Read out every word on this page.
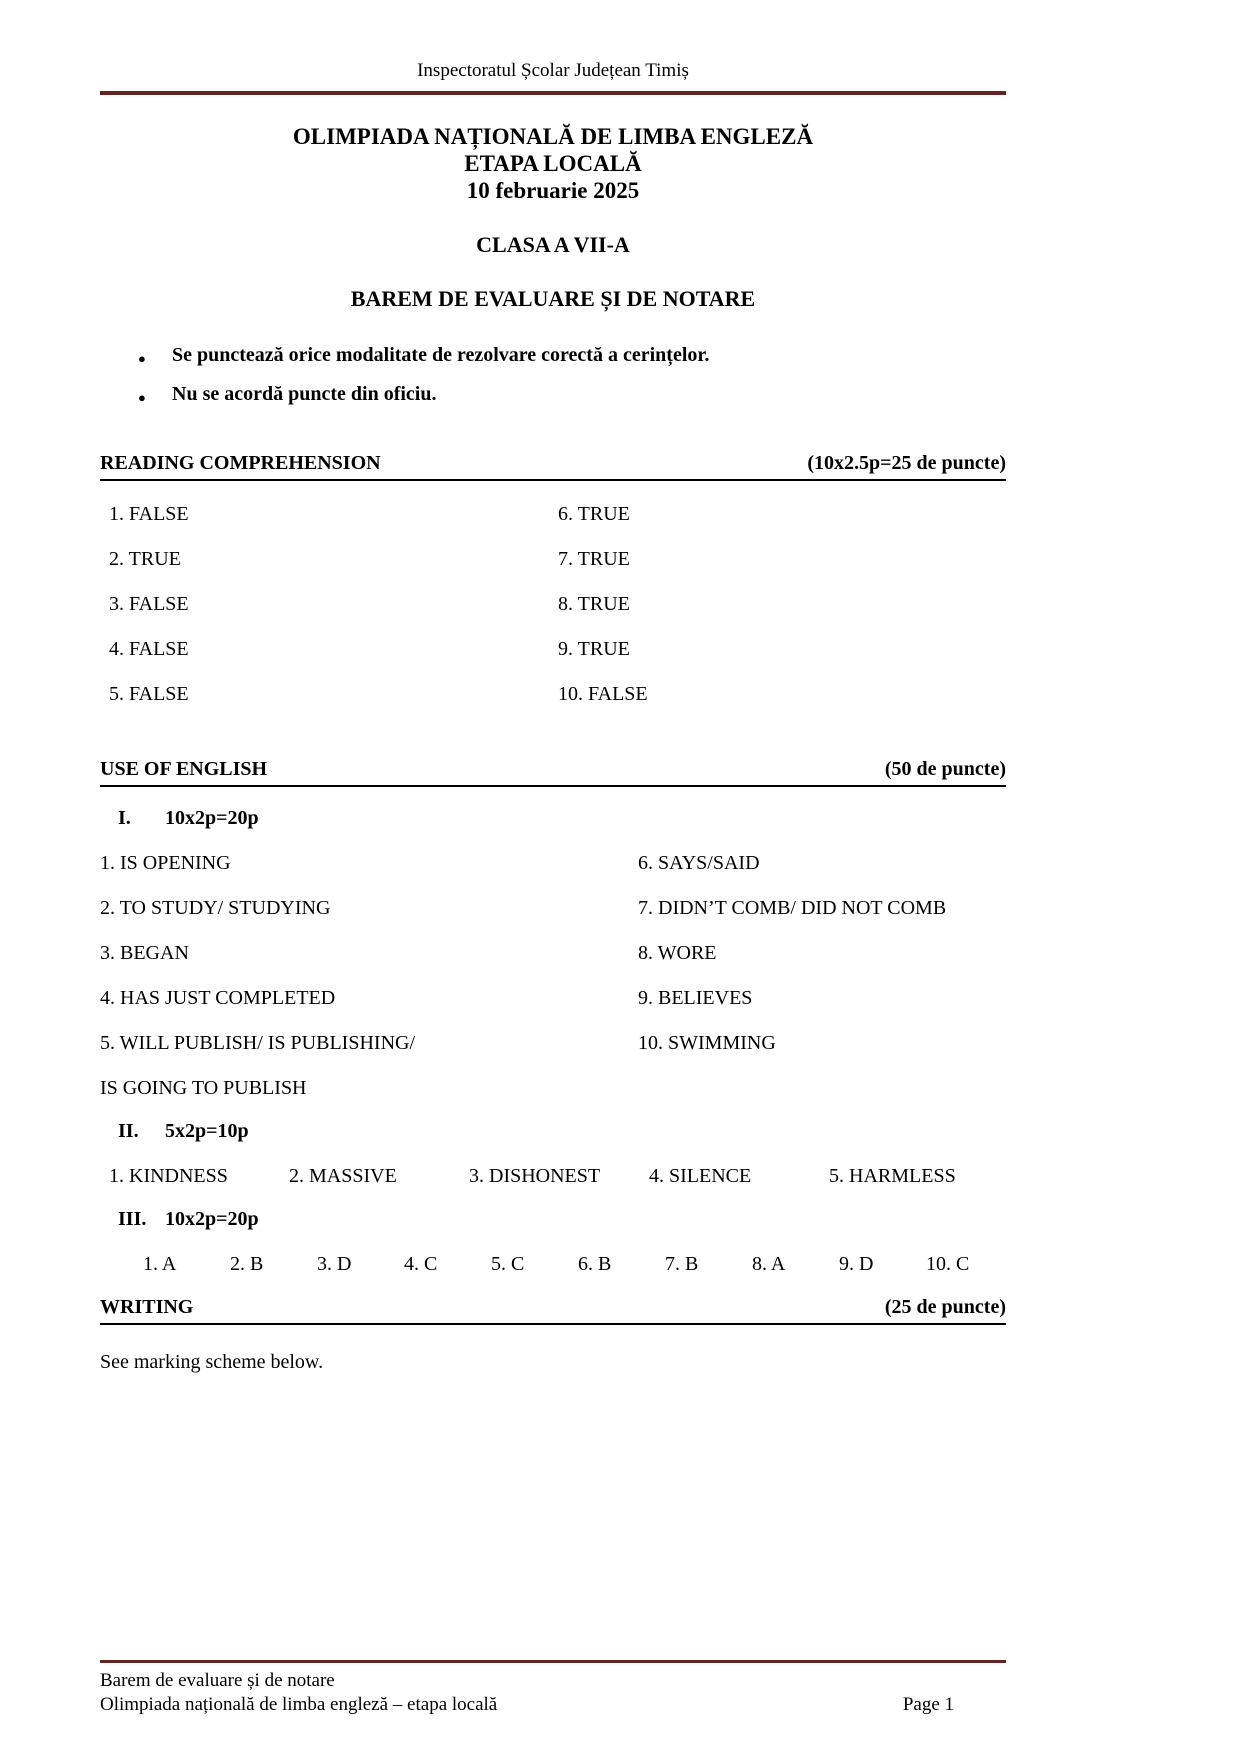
Inspectoratul Școlar Județean Timiș
OLIMPIADA NAȚIONALĂ DE LIMBA ENGLEZĂ
ETAPA LOCALĂ
10 februarie 2025
CLASA A VII-A
BAREM DE EVALUARE ȘI DE NOTARE
● Se punctează orice modalitate de rezolvare corectă a cerințelor.
● Nu se acordă puncte din oficiu.
READING COMPREHENSION	(10x2.5p=25 de puncte)
1. FALSE	6. TRUE
2. TRUE	7. TRUE
3. FALSE	8. TRUE
4. FALSE	9. TRUE
5. FALSE	10. FALSE
USE OF ENGLISH	(50 de puncte)
I.	10x2p=20p
1. IS OPENING	6. SAYS/SAID
2. TO STUDY/ STUDYING	7. DIDN’T COMB/ DID NOT COMB
3. BEGAN	8. WORE
4. HAS JUST COMPLETED	9. BELIEVES
5. WILL PUBLISH/ IS PUBLISHING/	10. SWIMMING
IS GOING TO PUBLISH
II.	5x2p=10p
1. KINDNESS	2. MASSIVE	3. DISHONEST	4. SILENCE	5. HARMLESS
III. 10x2p=20p
1. A	2. B	3. D	4. C	5. C	6. B	7. B	8. A	9. D	10. C
WRITING	(25 de puncte)
See marking scheme below.
Barem de evaluare și de notare
Olimpiada națională de limba engleză – etapa locală	Page 1
